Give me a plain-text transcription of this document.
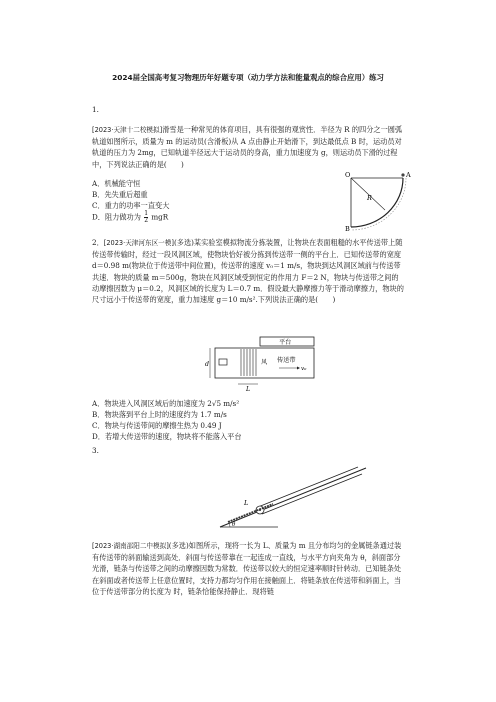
2024届全国高考复习物理历年好题专项（动力学方法和能量观点的综合应用）练习
1.
[2023·天津十二校模拟]滑雪是一种常见的体育项目，具有很强的观赏性．半径为 R 的四分之一圆弧轨道如图所示，质量为 m 的运动员(含滑板)从 A 点由静止开始滑下，到达最低点 B 时，运动员对轨道的压力为 2mg，已知轨道半径远大于运动员的身高，重力加速度为 g，则运动员下滑的过程中，下列说法正确的是(　　)
A．机械能守恒
B．先失重后超重
C．重力的功率一直变大
D．阻力做功为 $\frac{1}{2}$ mgR
O	A
R
B
2．[2023·天津河东区一模](多选)某实验室模拟物流分拣装置，让物块在表面粗糙的水平传送带上随传送带传输时，经过一段风洞区域，使物块恰好被分拣到传送带一侧的平台上．已知传送带的宽度 d＝0.98 m(物块位于传送带中间位置)，传送带的速度 v₀＝1 m/s，物块到达风洞区域前与传送带共速．物块的质量 m＝500g，物块在风洞区域受到恒定的作用力 F＝2 N，物块与传送带之间的动摩擦因数为 μ＝0.2，风洞区域的长度为 L＝0.7 m．假设最大静摩擦力等于滑动摩擦力，物块的尺寸远小于传送带的宽度，重力加速度 g＝10 m/s².下列说法正确的是(　　)
平台
风 传送带
v₀
d
L
A．物块进入风洞区域后的加速度为 2√5 m/s²
B．物块落到平台上时的速度约为 1.7 m/s
C．物块与传送带间的摩擦生热为 0.49 J
D．若增大传送带的速度，物块将不能落入平台
3.
L
θ
[2023·湖南邵阳二中模拟](多选)如图所示，现将一长为 L、质量为 m 且分布均匀的金属链条通过装有传送带的斜面输送到高处．斜面与传送带靠在一起连成一直线，与水平方向夹角为 θ，斜面部分光滑，链条与传送带之间的动摩擦因数为常数．传送带以较大的恒定速率顺时针转动．已知链条处在斜面或者传送带上任意位置时，支持力都均匀作用在接触面上．将链条放在传送带和斜面上，当位于传送带部分的长度为 时，链条恰能保持静止．现将链
